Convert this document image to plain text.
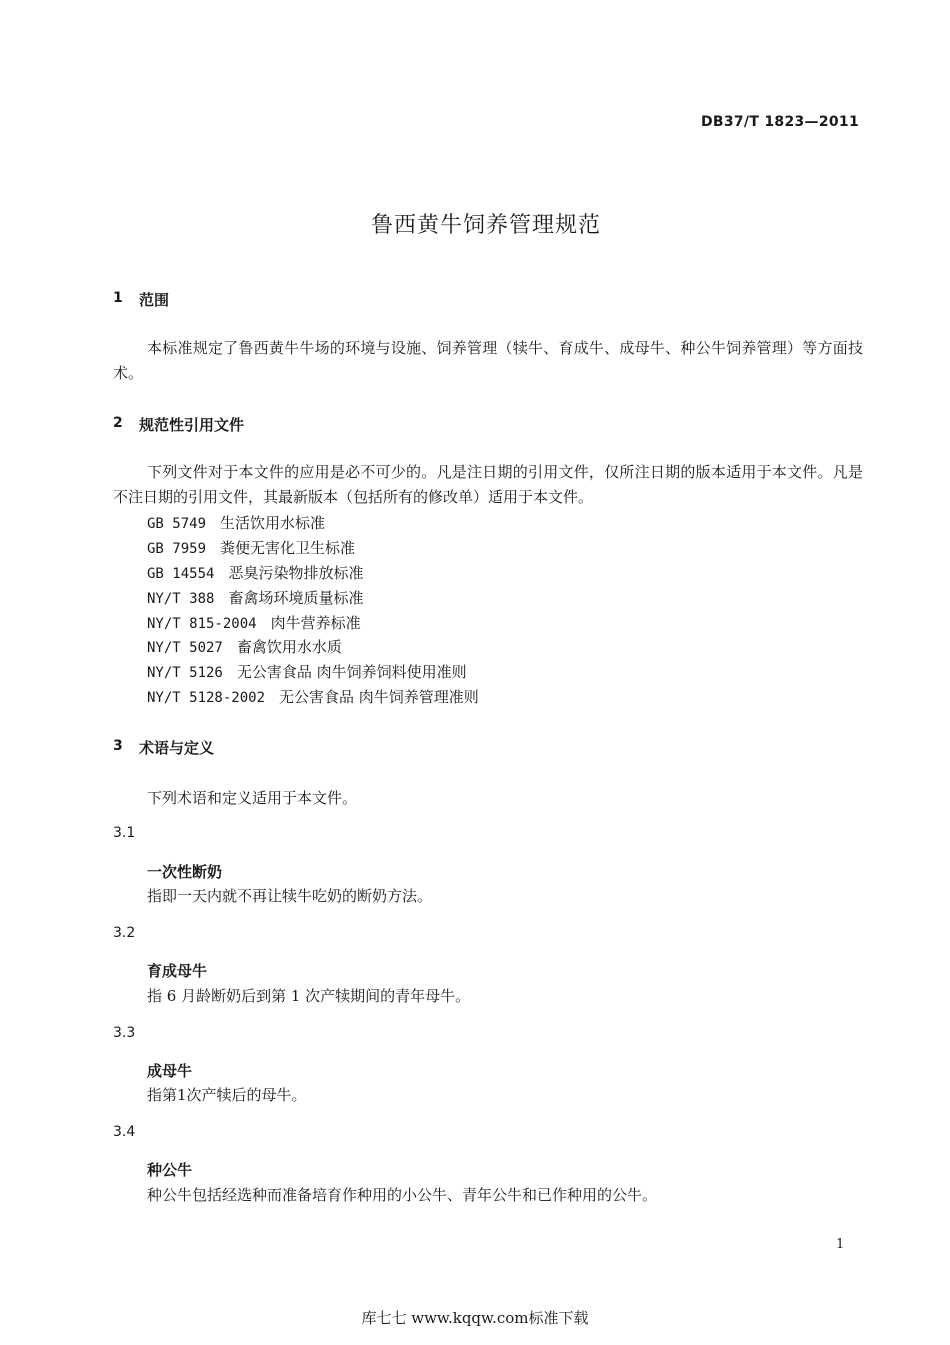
DB37/T 1823—2011
鲁西黄牛饲养管理规范
1 范围
本标准规定了鲁西黄牛牛场的环境与设施、饲养管理（犊牛、育成牛、成母牛、种公牛饲养管理）等方面技术。
2 规范性引用文件
下列文件对于本文件的应用是必不可少的。凡是注日期的引用文件，仅所注日期的版本适用于本文件。凡是不注日期的引用文件，其最新版本（包括所有的修改单）适用于本文件。
GB 5749 生活饮用水标准
GB 7959 粪便无害化卫生标准
GB 14554 恶臭污染物排放标准
NY/T 388 畜禽场环境质量标准
NY/T 815-2004 肉牛营养标准
NY/T 5027 畜禽饮用水水质
NY/T 5126 无公害食品 肉牛饲养饲料使用准则
NY/T 5128-2002 无公害食品 肉牛饲养管理准则
3 术语与定义
下列术语和定义适用于本文件。
3.1
一次性断奶
指即一天内就不再让犊牛吃奶的断奶方法。
3.2
育成母牛
指 6 月龄断奶后到第 1 次产犊期间的青年母牛。
3.3
成母牛
指第1次产犊后的母牛。
3.4
种公牛
种公牛包括经选种而准备培育作种用的小公牛、青年公牛和已作种用的公牛。
1
库七七 www.kqqw.com标准下载
